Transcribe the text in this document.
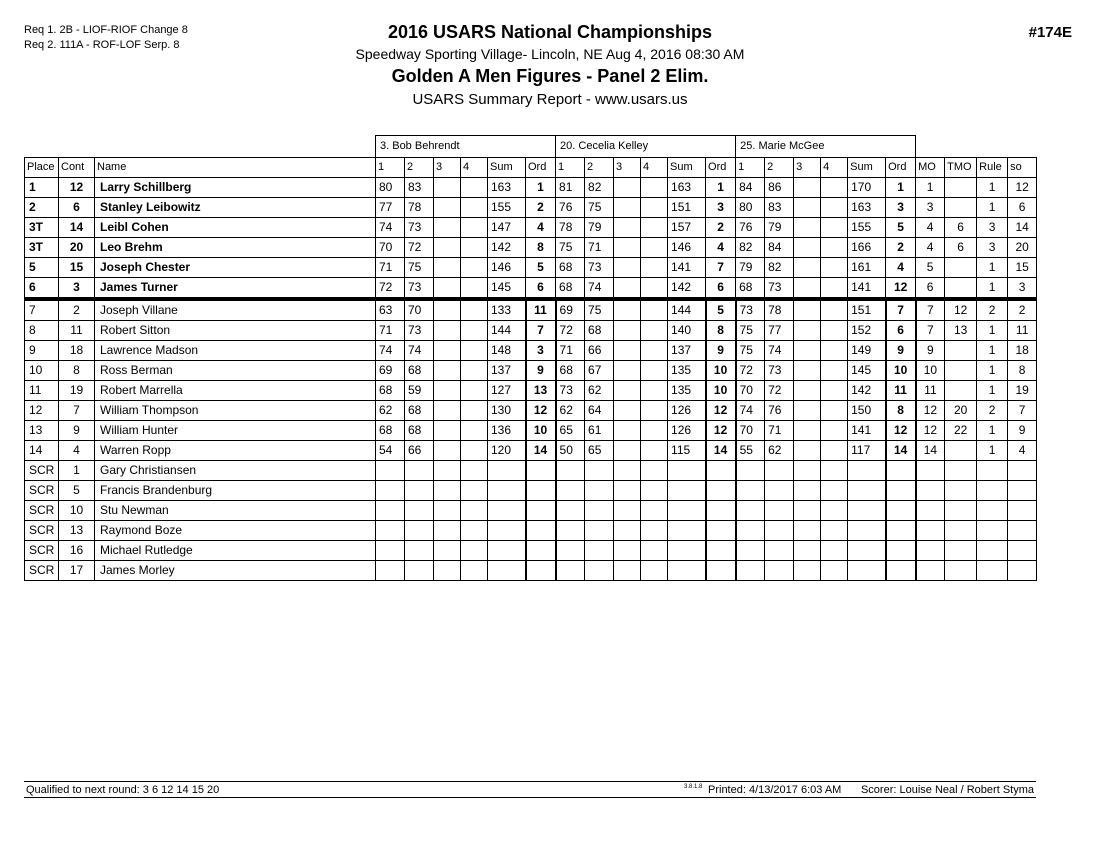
Req 1. 2B - LIOF-RIOF Change 8
Req 2. 111A - ROF-LOF Serp. 8
2016 USARS National Championships
Speedway Sporting Village- Lincoln, NE Aug 4, 2016 08:30 AM
Golden A Men Figures - Panel 2 Elim.
USARS Summary Report - www.usars.us
#174E
			3. Bob Behrendt						20. Cecelia Kelley						25. Marie McGee									
Place	Cont	Name	1	2	3	4	Sum	Ord	1	2	3	4	Sum	Ord	1	2	3	4	Sum	Ord	MO	TMO	Rule	so
1	12	Larry Schillberg	80	83			163	1	81	82			163	1	84	86			170	1	1		1	12
2	6	Stanley Leibowitz	77	78			155	2	76	75			151	3	80	83			163	3	3		1	6
3T	14	Leibl Cohen	74	73			147	4	78	79			157	2	76	79			155	5	4	6	3	14
3T	20	Leo Brehm	70	72			142	8	75	71			146	4	82	84			166	2	4	6	3	20
5	15	Joseph Chester	71	75			146	5	68	73			141	7	79	82			161	4	5		1	15
6	3	James Turner	72	73			145	6	68	74			142	6	68	73			141	12	6		1	3
7	2	Joseph Villane	63	70			133	11	69	75			144	5	73	78			151	7	7	12	2	2
8	11	Robert Sitton	71	73			144	7	72	68			140	8	75	77			152	6	7	13	1	11
9	18	Lawrence Madson	74	74			148	3	71	66			137	9	75	74			149	9	9		1	18
10	8	Ross Berman	69	68			137	9	68	67			135	10	72	73			145	10	10		1	8
11	19	Robert Marrella	68	59			127	13	73	62			135	10	70	72			142	11	11		1	19
12	7	William Thompson	62	68			130	12	62	64			126	12	74	76			150	8	12	20	2	7
13	9	William Hunter	68	68			136	10	65	61			126	12	70	71			141	12	12	22	1	9
14	4	Warren Ropp	54	66			120	14	50	65			115	14	55	62			117	14	14		1	4
SCR	1	Gary Christiansen																						
SCR	5	Francis Brandenburg																						
SCR	10	Stu Newman																						
SCR	13	Raymond Boze																						
SCR	16	Michael Rutledge																						
SCR	17	James Morley																						
Qualified to next round: 3 6 12 14 15 20	3.8.1.8 Printed: 4/13/2017 6:03 AM Scorer: Louise Neal / Robert Styma
